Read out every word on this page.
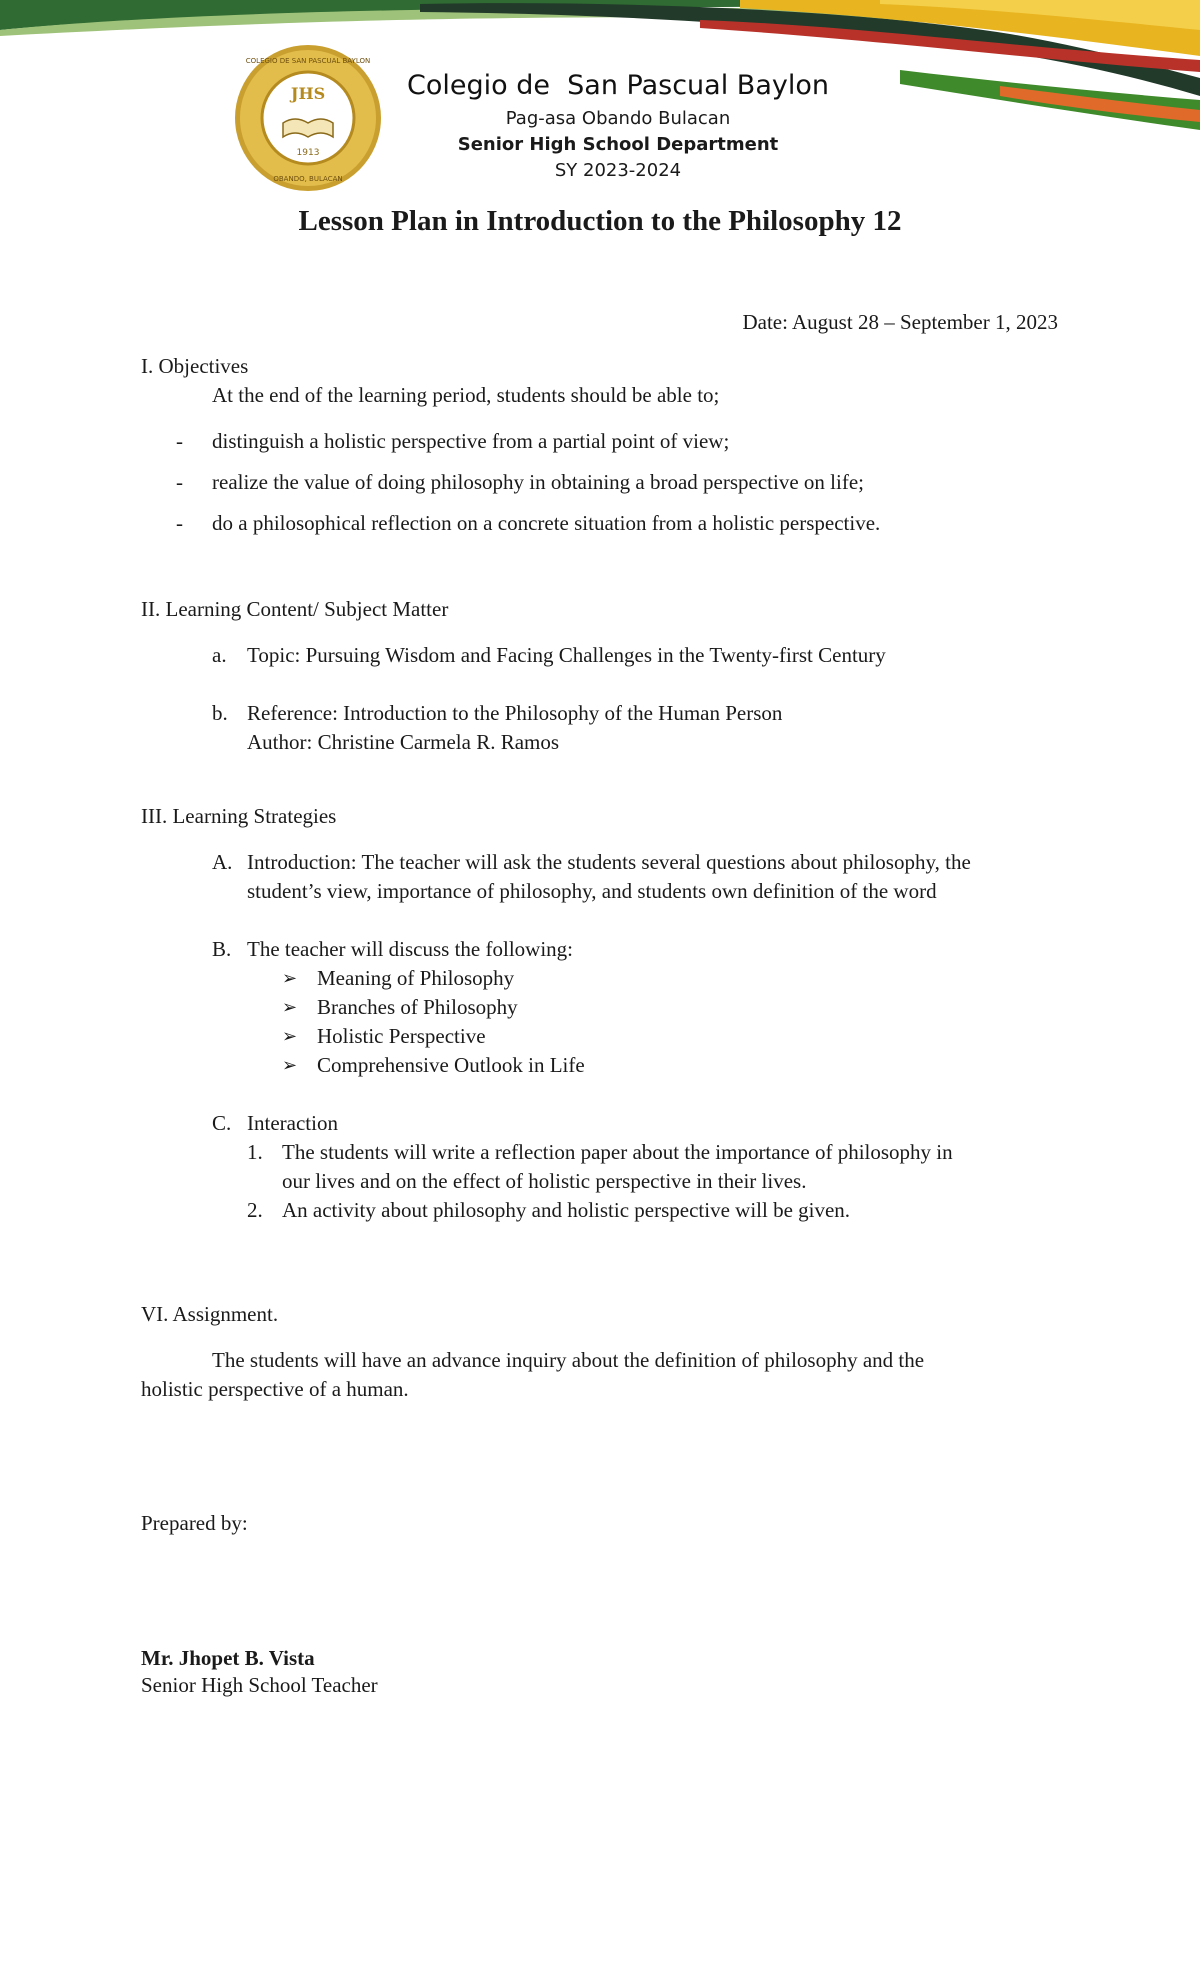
JHS
1913
COLEGIO DE SAN PASCUAL BAYLON
OBANDO, BULACAN
Colegio de  San Pascual Baylon
Pag-asa Obando Bulacan
Senior High School Department
SY 2023-2024
Lesson Plan in Introduction to the Philosophy 12
Date: August 28 – September 1, 2023
I. Objectives
At the end of the learning period, students should be able to;
- distinguish a holistic perspective from a partial point of view;
- realize the value of doing philosophy in obtaining a broad perspective on life;
- do a philosophical reflection on a concrete situation from a holistic perspective.
II. Learning Content/ Subject Matter
a. Topic: Pursuing Wisdom and Facing Challenges in the Twenty-first Century
b. Reference: Introduction to the Philosophy of the Human Person
Author: Christine Carmela R. Ramos
III. Learning Strategies
A. Introduction: The teacher will ask the students several questions about philosophy, the
student’s view, importance of philosophy, and students own definition of the word
B. The teacher will discuss the following:
➢ Meaning of Philosophy
➢ Branches of Philosophy
➢ Holistic Perspective
➢ Comprehensive Outlook in Life
C. Interaction
1. The students will write a reflection paper about the importance of philosophy in
our lives and on the effect of holistic perspective in their lives.
2. An activity about philosophy and holistic perspective will be given.
VI. Assignment.
The students will have an advance inquiry about the definition of philosophy and the
holistic perspective of a human.
Prepared by:
Mr. Jhopet B. Vista
Senior High School Teacher
